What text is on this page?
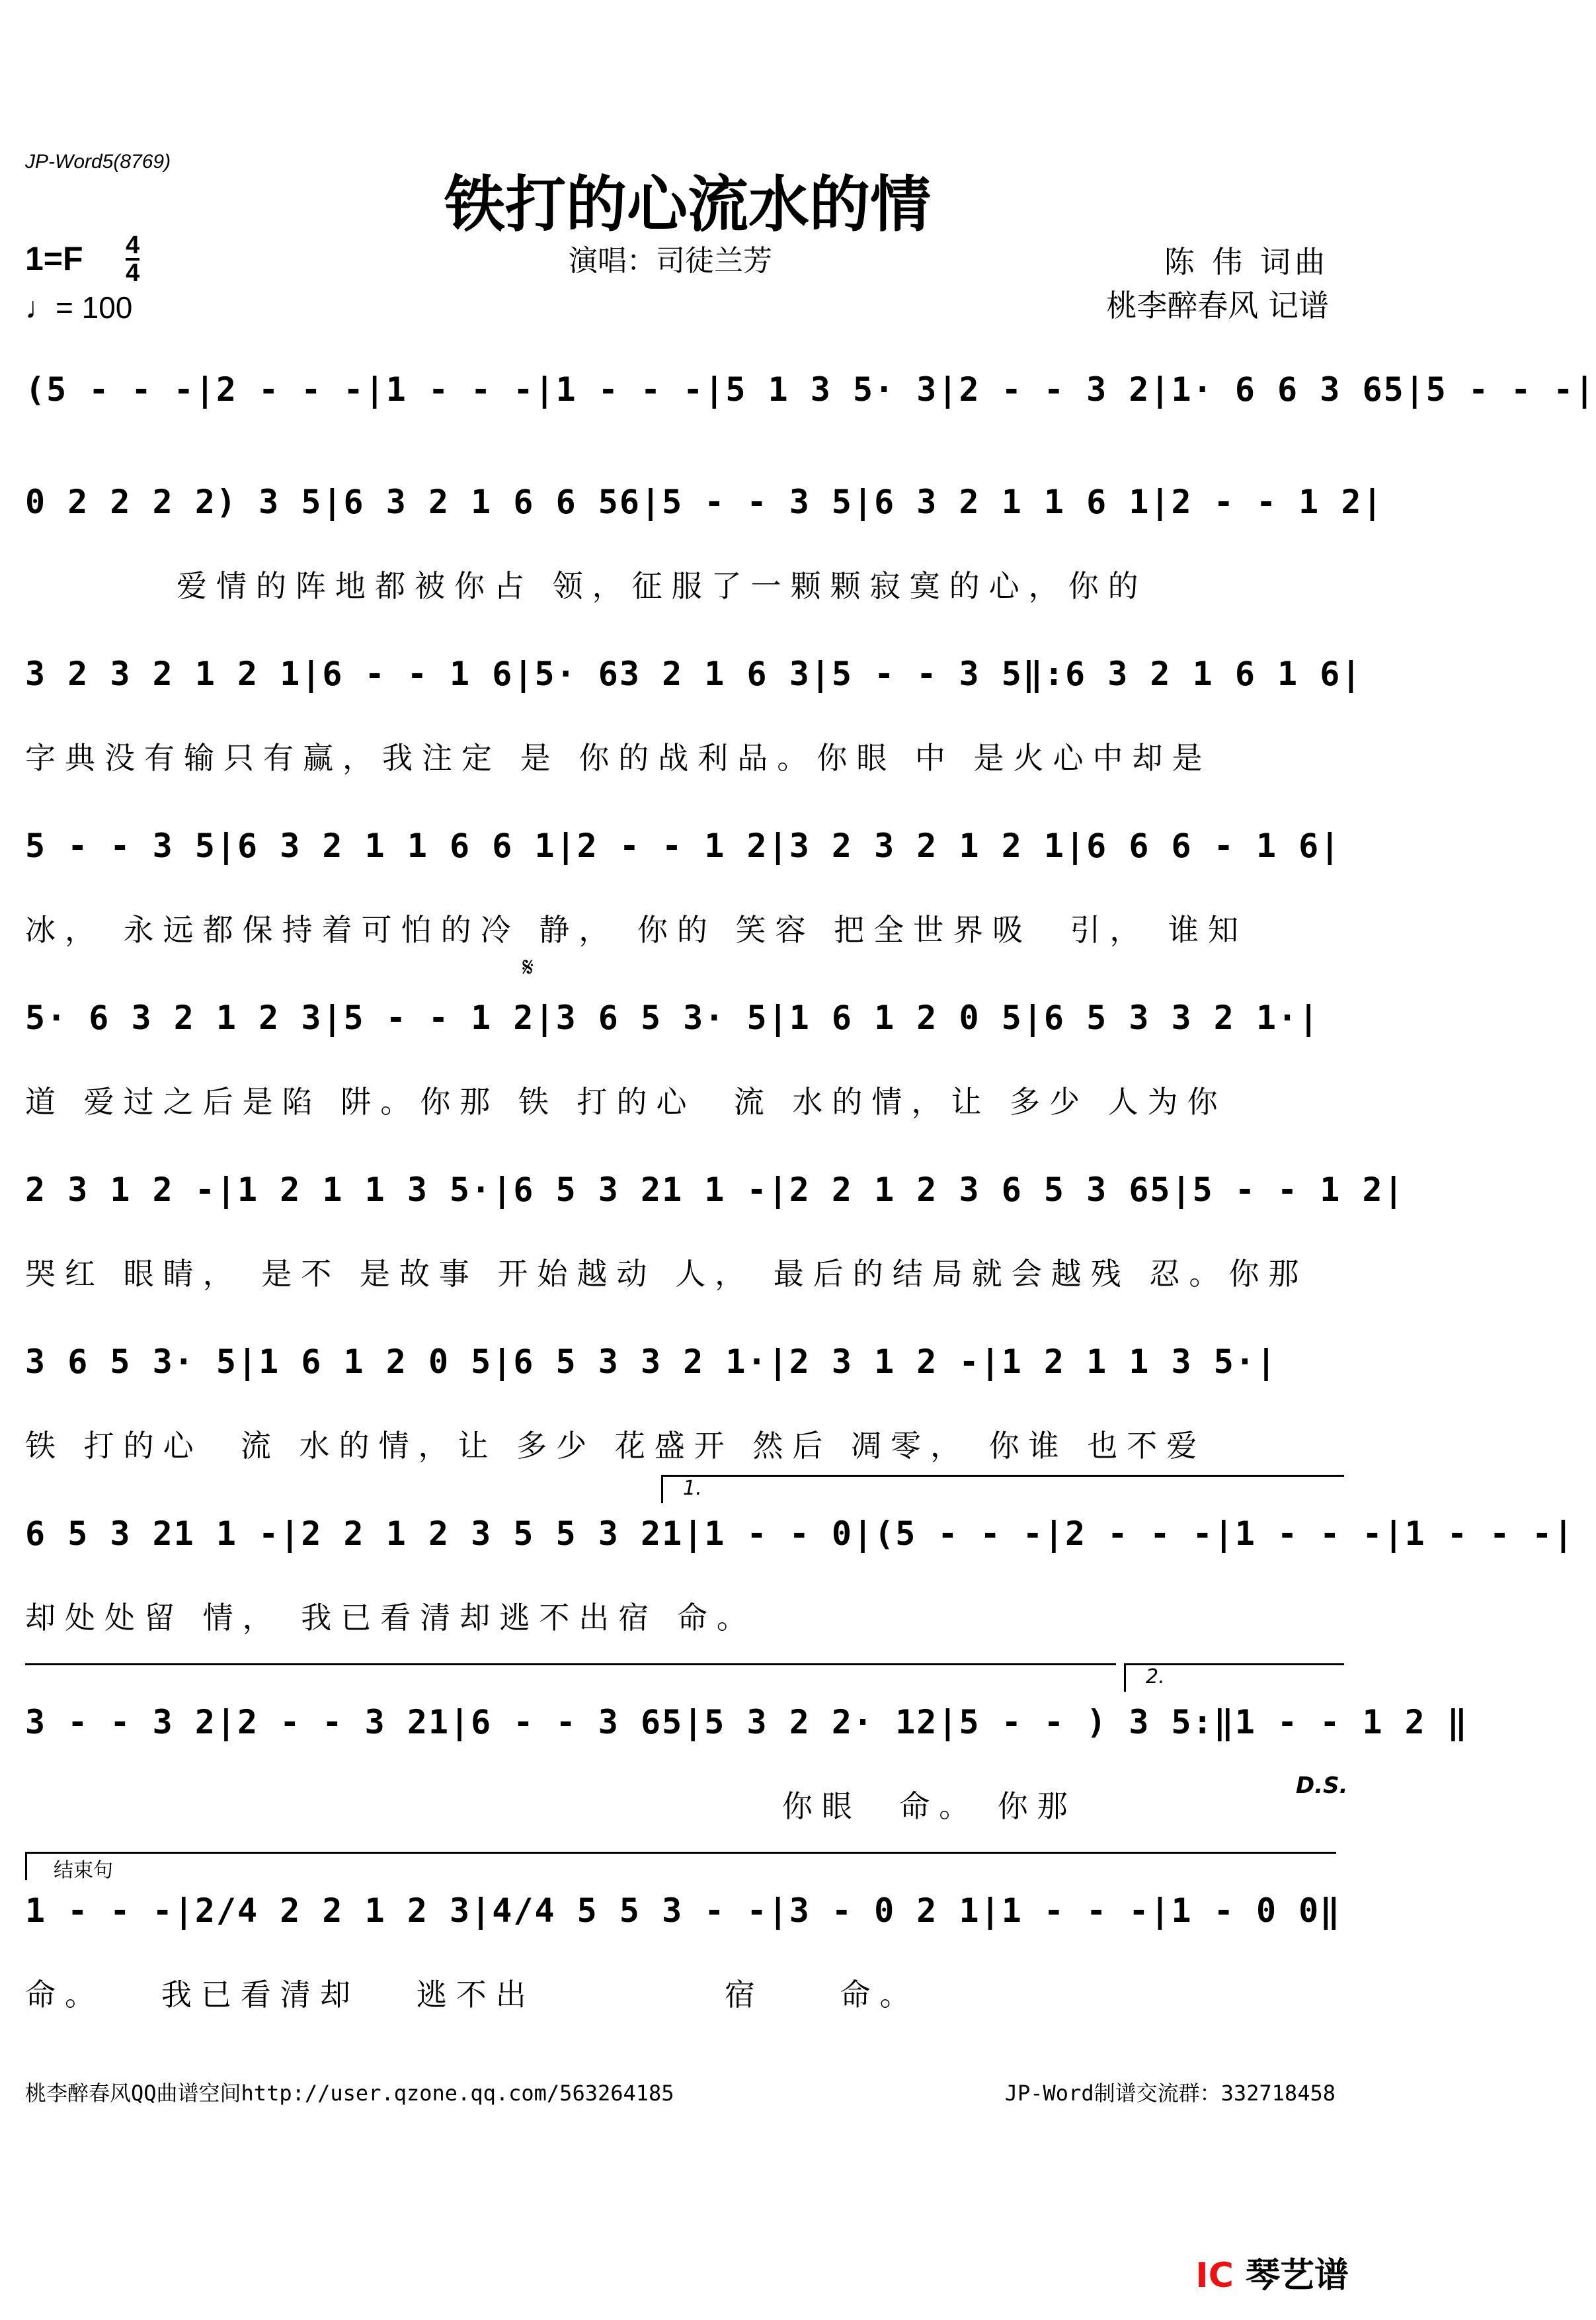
JP-Word5(8769)
铁打的心流水的情
$1=F \frac{4}{4}$
♩= 100
演唱：司徒兰芳	陈 伟 词曲
桃李醉春风 记谱
(5 - - -|2 - - -|1 - - -|1 - - -|5 1 3 5· 3|2 - - 3 2|1· 6 6 3 65|5 - - -|
0 2 2 2 2) 3 5|6 3 2 1 6 6 56|5 - - 3 5|6 3 2 1 1 6 1|2 - - 1 2|
爱情的阵地都被你占 领，征服了一颗颗寂寞的心，你的
3 2 3 2 1 2 1|6 - - 1 6|5· 63 2 1 6 3|5 - - 3 5‖:6 3 2 1 6 1 6|
字典没有输只有赢，我注定 是 你的战利品。你眼 中 是火心中却是
5 - - 3 5|6 3 2 1 1 6 6 1|2 - - 1 2|3 2 3 2 1 2 1|6 6 6 - 1 6|
冰， 永远都保持着可怕的冷 静， 你的 笑容 把全世界吸  引， 谁知
𝄋
5· 6 3 2 1 2 3|5 - - 1 2|3 6 5 3· 5|1 6 1 2 0 5|6 5 3 3 2 1·|
道 爱过之后是陷 阱。你那 铁 打的心  流 水的情，让 多少 人为你
2 3 1 2 -|1 2 1 1 3 5·|6 5 3 21 1 -|2 2 1 2 3 6 5 3 65|5 - - 1 2|
哭红 眼睛， 是不 是故事 开始越动 人， 最后的结局就会越残 忍。你那
3 6 5 3· 5|1 6 1 2 0 5|6 5 3 3 2 1·|2 3 1 2 -|1 2 1 1 3 5·|
铁 打的心  流 水的情，让 多少 花盛开 然后 凋零， 你谁 也不爱
1.
6 5 3 21 1 -|2 2 1 2 3 5 5 3 21|1 - - 0|(5 - - -|2 - - -|1 - - -|1 - - -|
却处处留 情， 我已看清却逃不出宿 命。
2.
3 - - 3 2|2 - - 3 21|6 - - 3 65|5 3 2 2· 12|5 - - ) 3 5:‖1 - - 1 2 ‖
你眼  命。 你那
D.S.
结束句
1 - - -|2/4 2 2 1 2 3|4/4 5 5 3 - -|3 - 0 2 1|1 - - -|1 - 0 0‖
命。   我已看清却   逃不出          宿    命。
桃李醉春风QQ曲谱空间http://user.qzone.qq.com/563264185	JP-Word制谱交流群：332718458
IC 琴艺谱
